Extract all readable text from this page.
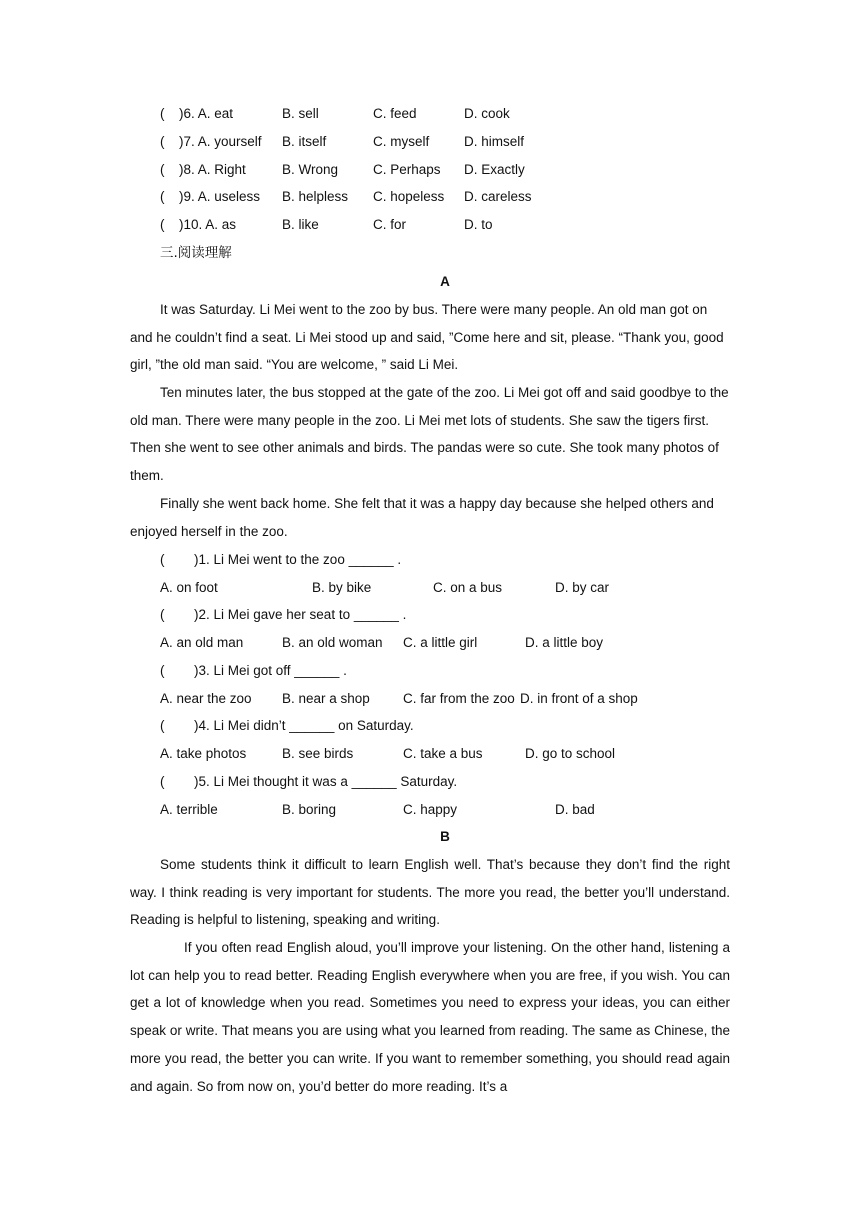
( )6. A. eat	B. sell	C. feed	D. cook
( )7. A. yourself B. itself	C. myself	D. himself
( )8. A. Right	B. Wrong	C. Perhaps D. Exactly
( )9. A. useless B. helpless C. hopeless D. careless
( )10. A. as	B. like	C. for	D. to
三.阅读理解
A

It was Saturday. Li Mei went to the zoo by bus. There were many people. An old man got on and he couldn’t find a seat. Li Mei stood up and said, ”Come here and sit, please. “Thank you, good girl, ”the old man said. “You are welcome, ” said Li Mei.

Ten minutes later, the bus stopped at the gate of the zoo. Li Mei got off and said goodbye to the old man. There were many people in the zoo. Li Mei met lots of students. She saw the tigers first. Then she went to see other animals and birds. The pandas were so cute. She took many photos of them.

Finally she went back home. She felt that it was a happy day because she helped others and enjoyed herself in the zoo.

( )1. Li Mei went to the zoo ______ .
A. on foot	B. by bike	C. on a bus	D. by car
( )2. Li Mei gave her seat to ______ .
A. an old man	B. an old woman C. a little girl	D. a little boy
( )3. Li Mei got off ______ .
A. near the zoo B. near a shop C. far from the zoo D. in front of a shop
( )4. Li Mei didn’t ______ on Saturday.
A. take photos	B. see birds	C. take a bus	D. go to school
( )5. Li Mei thought it was a ______ Saturday.
A. terrible	B. boring	C. happy	D. bad
B

Some students think it difficult to learn English well. That’s because they don’t find the right way. I think reading is very important for students. The more you read, the better you’ll understand. Reading is helpful to listening, speaking and writing.

If you often read English aloud, you’ll improve your listening. On the other hand, listening a lot can help you to read better. Reading English everywhere when you are free, if you wish. You can get a lot of knowledge when you read. Sometimes you need to express your ideas, you can either speak or write. That means you are using what you learned from reading. The same as Chinese, the more you read, the better you can write. If you want to remember something, you should read again and again. So from now on, you’d better do more reading. It’s a
